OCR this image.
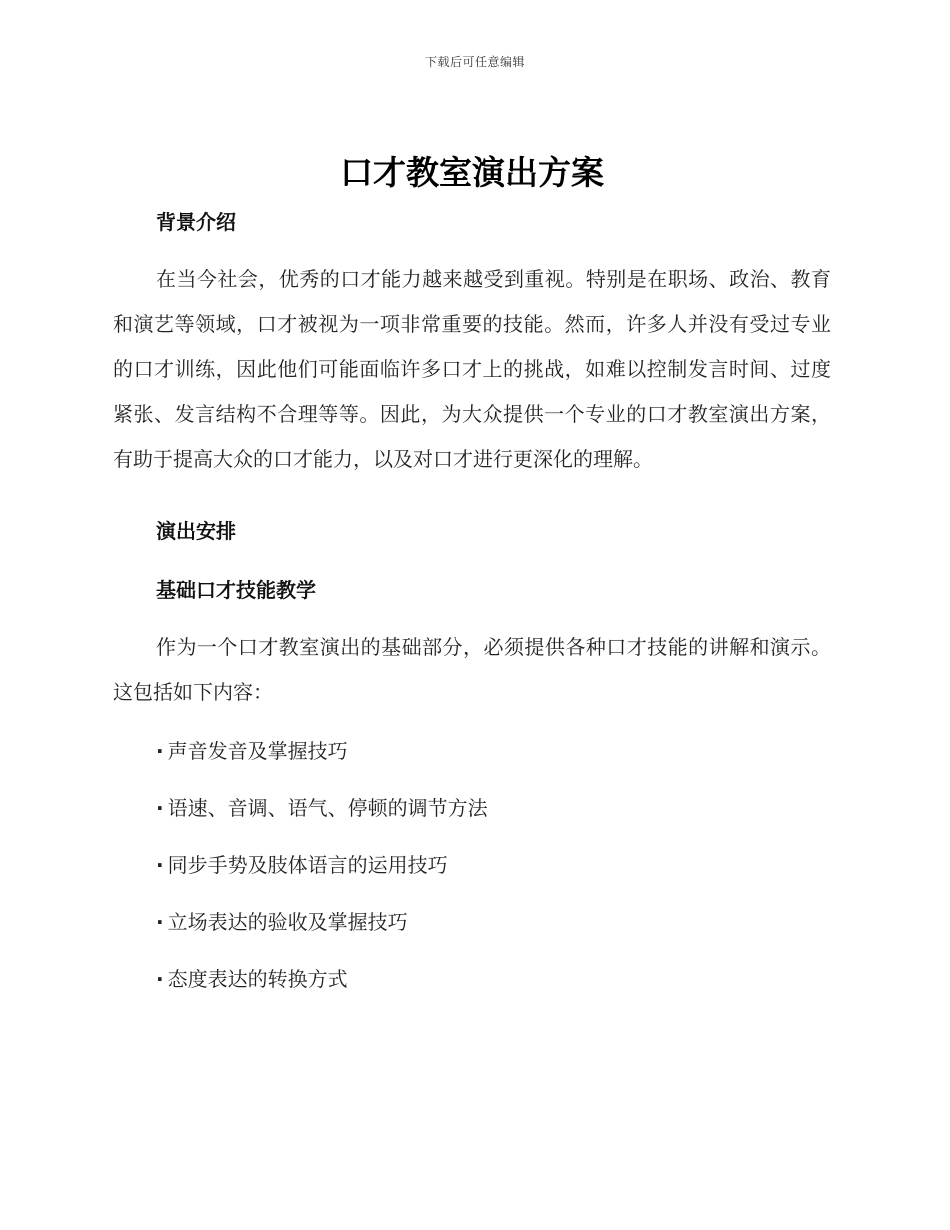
下载后可任意编辑
口才教室演出方案
背景介绍

在当今社会，优秀的口才能力越来越受到重视。特别是在职场、政治、教育和演艺等领域，口才被视为一项非常重要的技能。然而，许多人并没有受过专业的口才训练，因此他们可能面临许多口才上的挑战，如难以控制发言时间、过度紧张、发言结构不合理等等。因此，为大众提供一个专业的口才教室演出方案，有助于提高大众的口才能力，以及对口才进行更深化的理解。

演出安排
基础口才技能教学

作为一个口才教室演出的基础部分，必须提供各种口才技能的讲解和演示。这包括如下内容：

· 声音发音及掌握技巧
· 语速、音调、语气、停顿的调节方法
· 同步手势及肢体语言的运用技巧
· 立场表达的验收及掌握技巧
· 态度表达的转换方式
